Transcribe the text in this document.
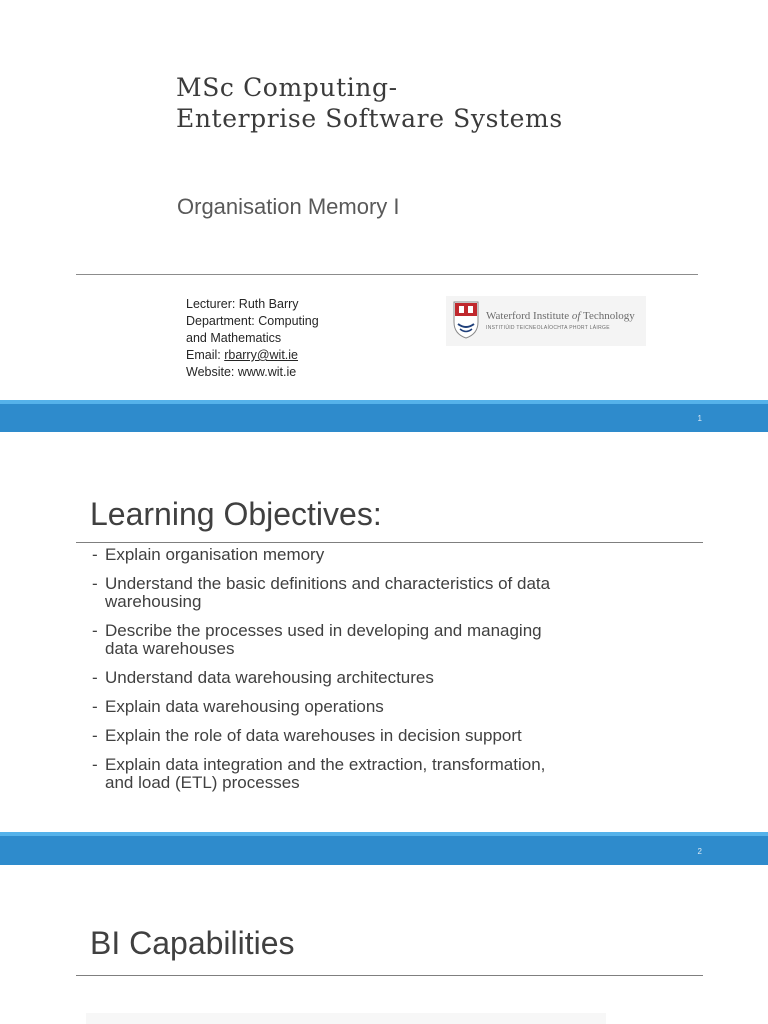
MSc Computing-
Enterprise Software Systems
Organisation Memory I
Lecturer: Ruth Barry
Department: Computing
and Mathematics
Email: rbarry@wit.ie
Website: www.wit.ie
Waterford Institute of Technology
INSTITIÚID TEICNEOLAÍOCHTA PHORT LÁIRGE
1
Learning Objectives:
- Explain organisation memory
- Understand the basic definitions and characteristics of data
warehousing
- Describe the processes used in developing and managing
data warehouses
- Understand data warehousing architectures
- Explain data warehousing operations
- Explain the role of data warehouses in decision support
- Explain data integration and the extraction, transformation,
and load (ETL) processes
2
BI Capabilities
